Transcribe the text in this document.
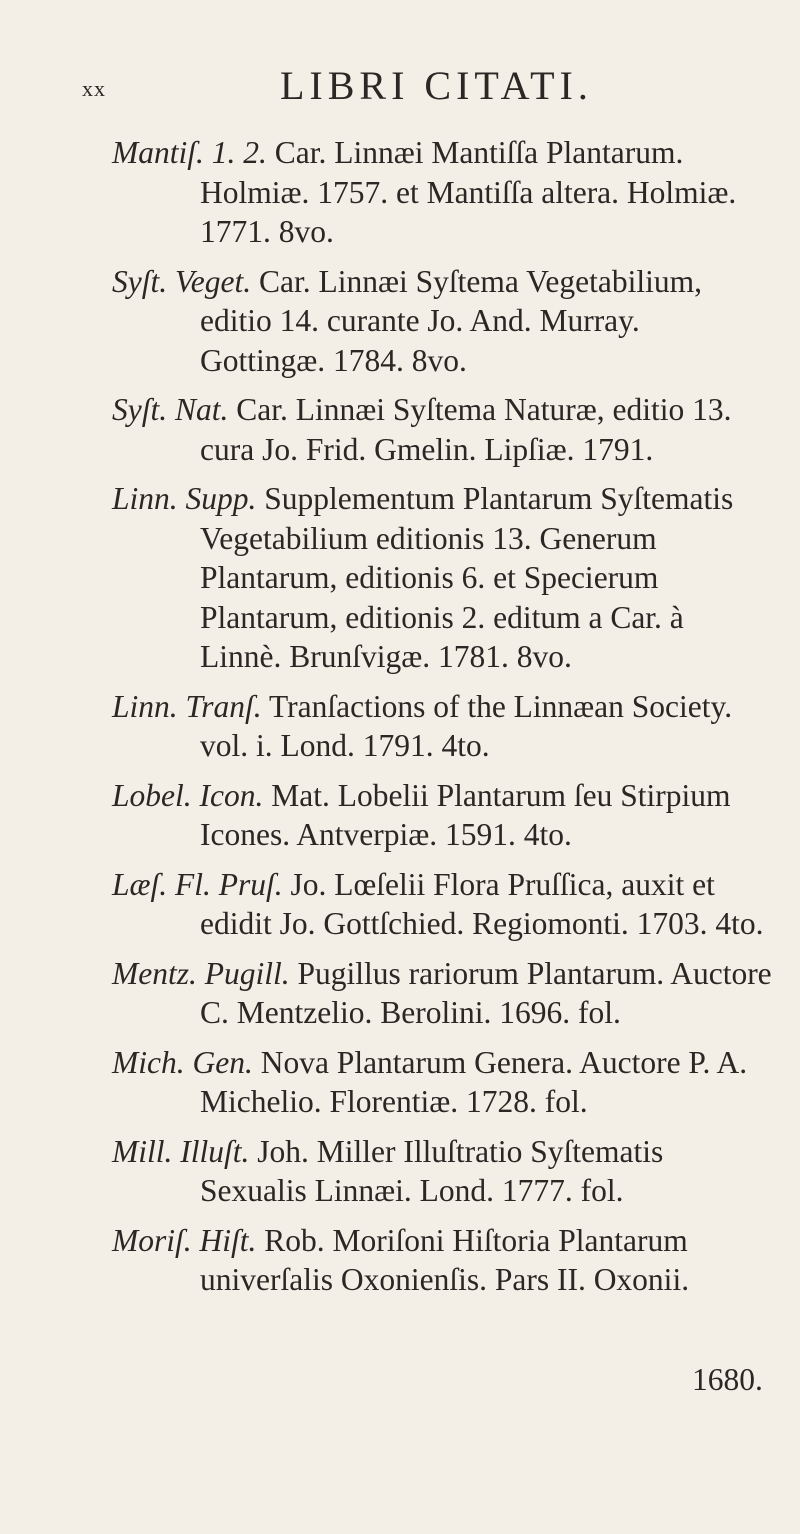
xx	LIBRI CITATI.
Mantiſ. 1. 2. Car. Linnæi Mantiſſa Plantarum. Holmiæ. 1757. et Mantiſſa altera. Holmiæ. 1771. 8vo.
Syſt. Veget. Car. Linnæi Syſtema Vegetabilium, editio 14. curante Jo. And. Murray. Gottingæ. 1784. 8vo.
Syſt. Nat. Car. Linnæi Syſtema Naturæ, editio 13. cura Jo. Frid. Gmelin. Lipſiæ. 1791.
Linn. Supp. Supplementum Plantarum Syſtematis Vegetabilium editionis 13. Generum Plantarum, editionis 6. et Specierum Plantarum, editionis 2. editum a Car. à Linnè. Brunſvigæ. 1781. 8vo.
Linn. Tranſ. Tranſactions of the Linnæan Society. vol. i. Lond. 1791. 4to.
Lobel. Icon. Mat. Lobelii Plantarum ſeu Stirpium Icones. Antverpiæ. 1591. 4to.
Læſ. Fl. Pruſ. Jo. Lœſelii Flora Pruſſica, auxit et edidit Jo. Gottſchied. Regiomonti. 1703. 4to.
Mentz. Pugill. Pugillus rariorum Plantarum. Auctore C. Mentzelio. Berolini. 1696. fol.
Mich. Gen. Nova Plantarum Genera. Auctore P. A. Michelio. Florentiæ. 1728. fol.
Mill. Illuſt. Joh. Miller Illuſtratio Syſtematis Sexualis Linnæi. Lond. 1777. fol.
Moriſ. Hiſt. Rob. Moriſoni Hiſtoria Plantarum univerſalis Oxonienſis. Pars II. Oxonii.
1680.
